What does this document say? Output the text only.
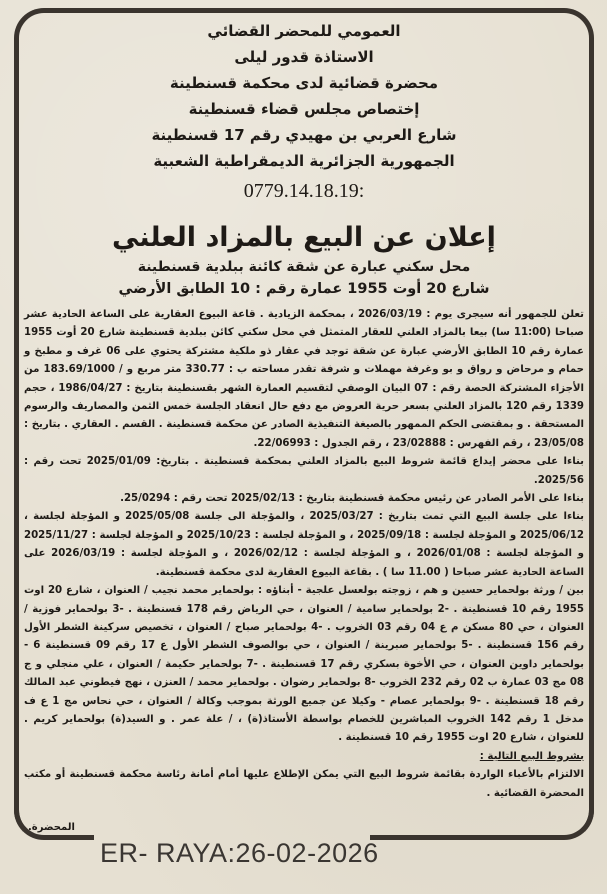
العمومي للمحضر القضائي

الاستاذة قدور ليلى

محضرة قضائية لدى محكمة قسنطينة

إختصاص مجلس قضاء قسنطينة

شارع العربي بن مهيدي رقم 17 قسنطينة

الجمهورية الجزائرية الديمقراطية الشعبية

0779.14.18.19:

إعلان عن البيع بالمزاد العلني

محل سكني عبارة عن شقة كائنة ببلدية قسنطينة

شارع 20 أوت 1955 عمارة رقم : 10 الطابق الأرضي

تعلن للجمهور أنه سيجرى يوم : 2026/03/19 ، بمحكمة الزيادية . قاعة البيوع العقارية على الساعة الحادية عشر صباحا (11:00 سا) بيعا بالمزاد العلني للعقار المتمثل في محل سكني كائن ببلدية قسنطينة شارع 20 أوت 1955 عمارة رقم 10 الطابق الأرضي عبارة عن شقة توجد في عقار ذو ملكية مشتركة يحتوي على 06 غرف و مطبخ و حمام و مرحاض و رواق و بو وغرفة مهملات و شرفة تقدر مساحته ب : 330.77 متر مربع و / 183.69/1000 من الأجزاء المشتركة الحصة رقم : 07 البيان الوصفي لتقسيم العمارة الشهر بقسنطينة بتاريخ : 1986/04/27 ، حجم 1339 رقم 120 بالمزاد العلني بسعر حرية العروض مع دفع حال انعقاد الجلسة خمس الثمن والمصاريف والرسوم المستحقة . و بمقتضى الحكم الممهور بالصيغة التنفيذية الصادر عن محكمة قسنطينة . القسم . العقاري . بتاريخ : 23/05/08 ، رقم الفهرس : 23/02888 ، رقم الجدول : 22/06993.

بناءا على محضر إيداع قائمة شروط البيع بالمزاد العلني بمحكمة قسنطينة . بتاريخ: 2025/01/09 تحت رقم : 2025/56.

بناءا على الأمر الصادر عن رئيس محكمة قسنطينة بتاريخ : 2025/02/13 تحت رقم : 25/0294.

بناءا على جلسة البيع التي تمت بتاريخ : 2025/03/27 ، والمؤجلة الى جلسة 2025/05/08 و المؤجلة لجلسة ، 2025/06/12 و المؤجلة لجلسة : 2025/09/18 ، و المؤجلة لجلسة : 2025/10/23 و المؤجلة لجلسة : 2025/11/27 و المؤجلة لجلسة : 2026/01/08 ، و المؤجلة لجلسة : 2026/02/12 ، و المؤجلة لجلسة : 2026/03/19 على الساعة الحادية عشر صباحا ( 11.00 سا ) . بقاعة البيوع العقارية لدى محكمة قسنطينة.

بين / ورثة بولحماير حسين و هم ، زوجته بولعسل علجية - أبناؤه : بولحماير محمد نجيب / العنوان ، شارع 20 اوت 1955 رقم 10 قسنطينة . -2 بولحماير سامية / العنوان ، حي الرياض رقم 178 قسنطينة . -3 بولحماير فوزية / العنوان ، حي 80 مسكن م ع 04 رقم 03 الخروب . -4 بولحماير صباح / العنوان ، تخصيص سركينة الشطر الأول رقم 156 قسنطينة . -5 بولحماير صبرينة / العنوان ، حي بوالصوف الشطر الأول ع 17 رقم 09 قسنطينة 6 - بولحماير داوين العنوان ، حي الأخوة بسكري رقم 17 قسنطينة . -7 بولحماير حكيمة / العنوان ، علي منجلي و ج 08 مج 03 عمارة ب 02 رقم 232 الخروب -8 بولحماير رضوان . بولحماير محمد / العنزن ، نهج فيطوني عبد المالك رقم 18 قسنطينة . -9 بولحماير عصام - وكيلا عن جميع الورثة بموجب وكالة / العنوان ، حي نحاس مج 1 ع ف مدخل 1 رقم 142 الخروب المباشرين للخصام بواسطة الأستاذ(ة) ، / علة عمر . و السيد(ة) بولحماير كريم . للعنوان ، شارع 20 اوت 1955 رقم 10 قسنطينة .

بشروط البيع التالية :

الالتزام بالأعباء الواردة بقائمة شروط البيع التي يمكن الإطلاع عليها أمام أمانة رئاسة محكمة قسنطينة أو مكتب المحضرة القضائية .

المحضرة.
ER- RAYA:26-02-2026
